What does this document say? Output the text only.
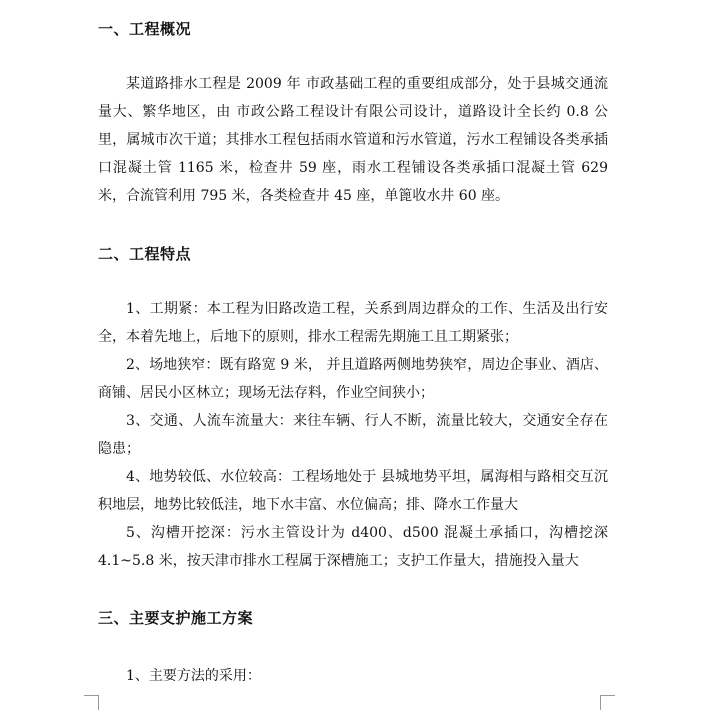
一、工程概况
某道路排水工程是 2009 年 市政基础工程的重要组成部分，处于县城交通流量大、繁华地区，由 市政公路工程设计有限公司设计，道路设计全长约 0.8 公里，属城市次干道；其排水工程包括雨水管道和污水管道，污水工程铺设各类承插口混凝土管 1165 米，检查井 59 座，雨水工程铺设各类承插口混凝土管 629 米，合流管利用 795 米，各类检查井 45 座，单篦收水井 60 座。
二、工程特点
1、工期紧：本工程为旧路改造工程，关系到周边群众的工作、生活及出行安全，本着先地上，后地下的原则，排水工程需先期施工且工期紧张；
2、场地狭窄：既有路宽 9 米， 并且道路两侧地势狭窄，周边企事业、酒店、商铺、居民小区林立；现场无法存料，作业空间狭小；
3、交通、人流车流量大：来往车辆、行人不断，流量比较大，交通安全存在隐患；
4、地势较低、水位较高：工程场地处于 县城地势平坦，属海相与路相交互沉积地层，地势比较低洼，地下水丰富、水位偏高；排、降水工作量大
5、沟槽开挖深：污水主管设计为 d400、d500 混凝土承插口，沟槽挖深 4.1~5.8 米，按天津市排水工程属于深槽施工；支护工作量大，措施投入量大
三、主要支护施工方案
1、主要方法的采用：
